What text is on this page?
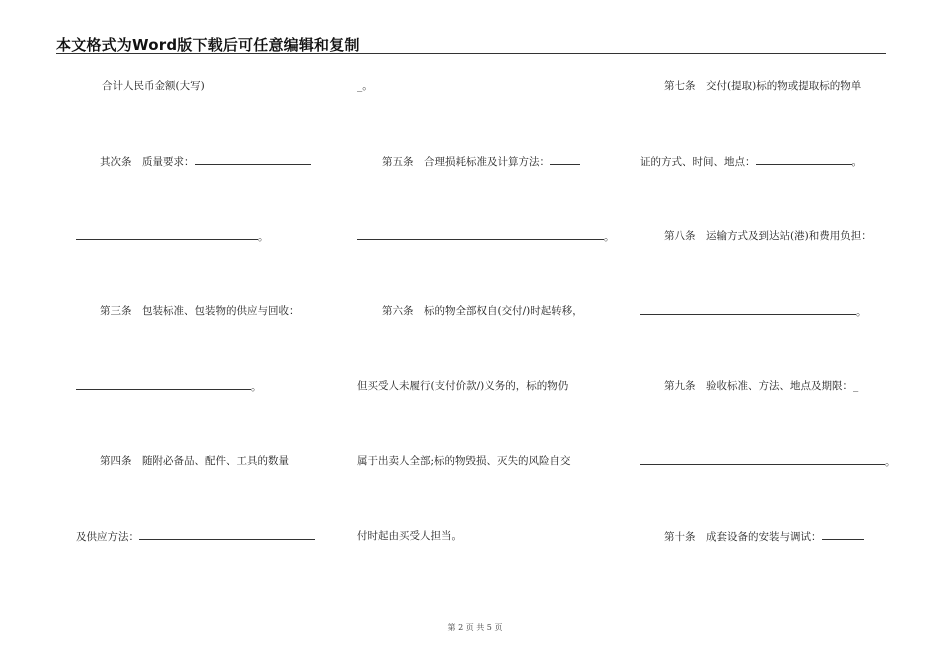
本文格式为Word版下载后可任意编辑和复制
合计人民币金额(大写)
其次条　质量要求：
。
第三条　包装标准、包装物的供应与回收：
。
第四条　随附必备品、配件、工具的数量
及供应方法：
_。
第五条　合理损耗标准及计算方法：
。
第六条　标的物全部权自(交付/)时起转移，
但买受人未履行(支付价款/)义务的，标的物仍
属于出卖人全部;标的物毁损、灭失的风险自交
付时起由买受人担当。
第七条　交付(提取)标的物或提取标的物单
证的方式、时间、地点：	。
第八条　运输方式及到达站(港)和费用负担：
。
第九条　验收标准、方法、地点及期限：_
。
第十条　成套设备的安装与调试：
第 2 页 共 5 页
